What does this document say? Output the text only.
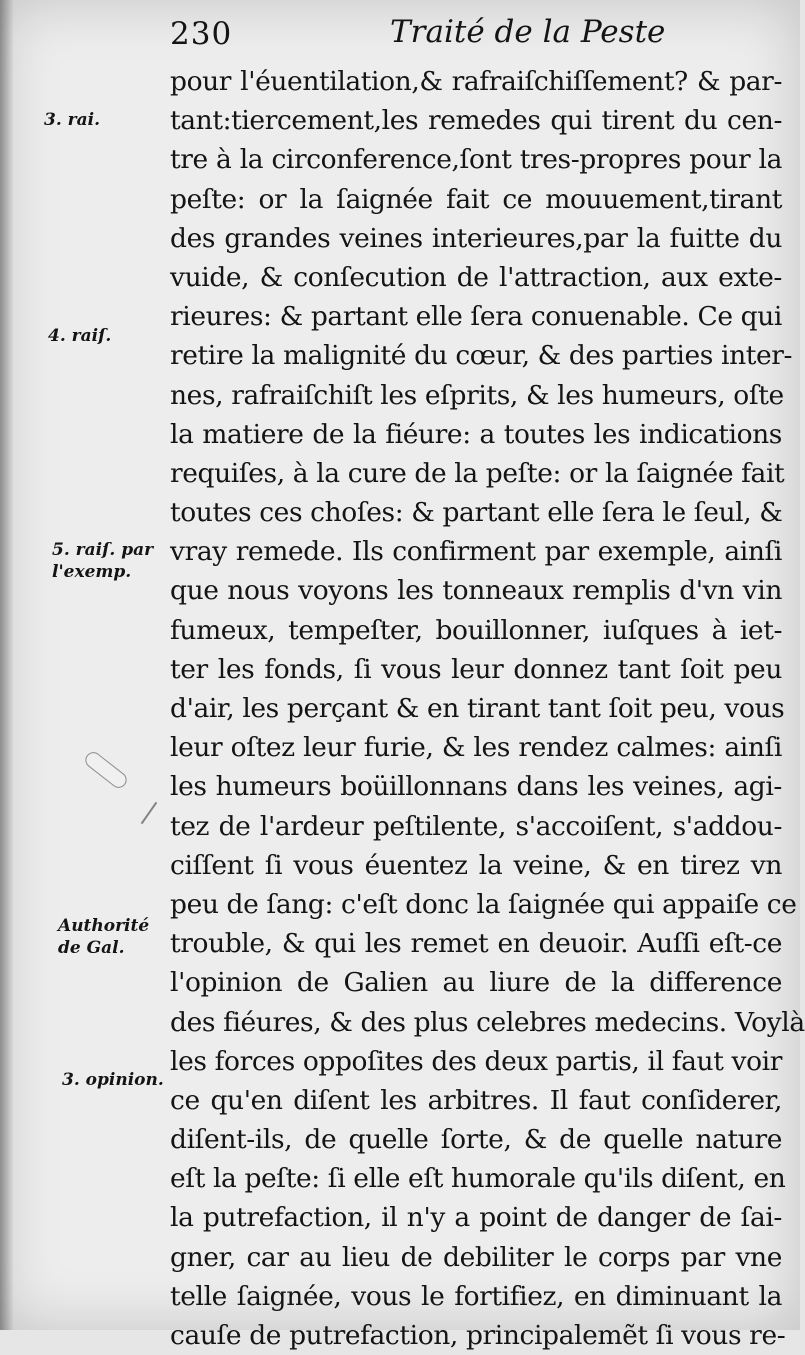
230	Traité de la Peste
3. rai.
4. raiſ.
5. raiſ. par
l'exemp.
Authorité
de Gal.
3. opinion.
pour l'éuentilation,& rafraiſchiſſement? & par-
tant:tiercement,les remedes qui tirent du cen-
tre à la circonference,ſont tres-propres pour la
peſte: or la ſaignée fait ce mouuement,tirant
des grandes veines interieures,par la fuitte du
vuide, & conſecution de l'attraction, aux exte-
rieures: & partant elle ſera conuenable. Ce qui
retire la malignité du cœur, & des parties inter-
nes, rafraiſchiſt les eſprits, & les humeurs, oſte
la matiere de la fiéure: a toutes les indications
requiſes, à la cure de la peſte: or la ſaignée fait
toutes ces choſes: & partant elle ſera le ſeul, &
vray remede. Ils confirment par exemple, ainſi
que nous voyons les tonneaux remplis d'vn vin
fumeux, tempeſter, bouillonner, iuſques à iet-
ter les fonds, ſi vous leur donnez tant ſoit peu
d'air, les perçant & en tirant tant ſoit peu, vous
leur oſtez leur furie, & les rendez calmes: ainſi
les humeurs boüillonnans dans les veines, agi-
tez de l'ardeur peſtilente, s'accoiſent, s'addou-
ciſſent ſi vous éuentez la veine, & en tirez vn
peu de ſang: c'eſt donc la ſaignée qui appaiſe ce
trouble, & qui les remet en deuoir. Auſſi eſt-ce
l'opinion de Galien au liure de la difference
des fiéures, & des plus celebres medecins. Voylà
les forces oppoſites des deux partis, il faut voir
ce qu'en diſent les arbitres. Il faut conſiderer,
diſent-ils, de quelle ſorte, & de quelle nature
eſt la peſte: ſi elle eſt humorale qu'ils diſent, en
la putrefaction, il n'y a point de danger de ſai-
gner, car au lieu de debiliter le corps par vne
telle ſaignée, vous le fortifiez, en diminuant la
cauſe de putrefaction, principalemẽt ſi vous re-
